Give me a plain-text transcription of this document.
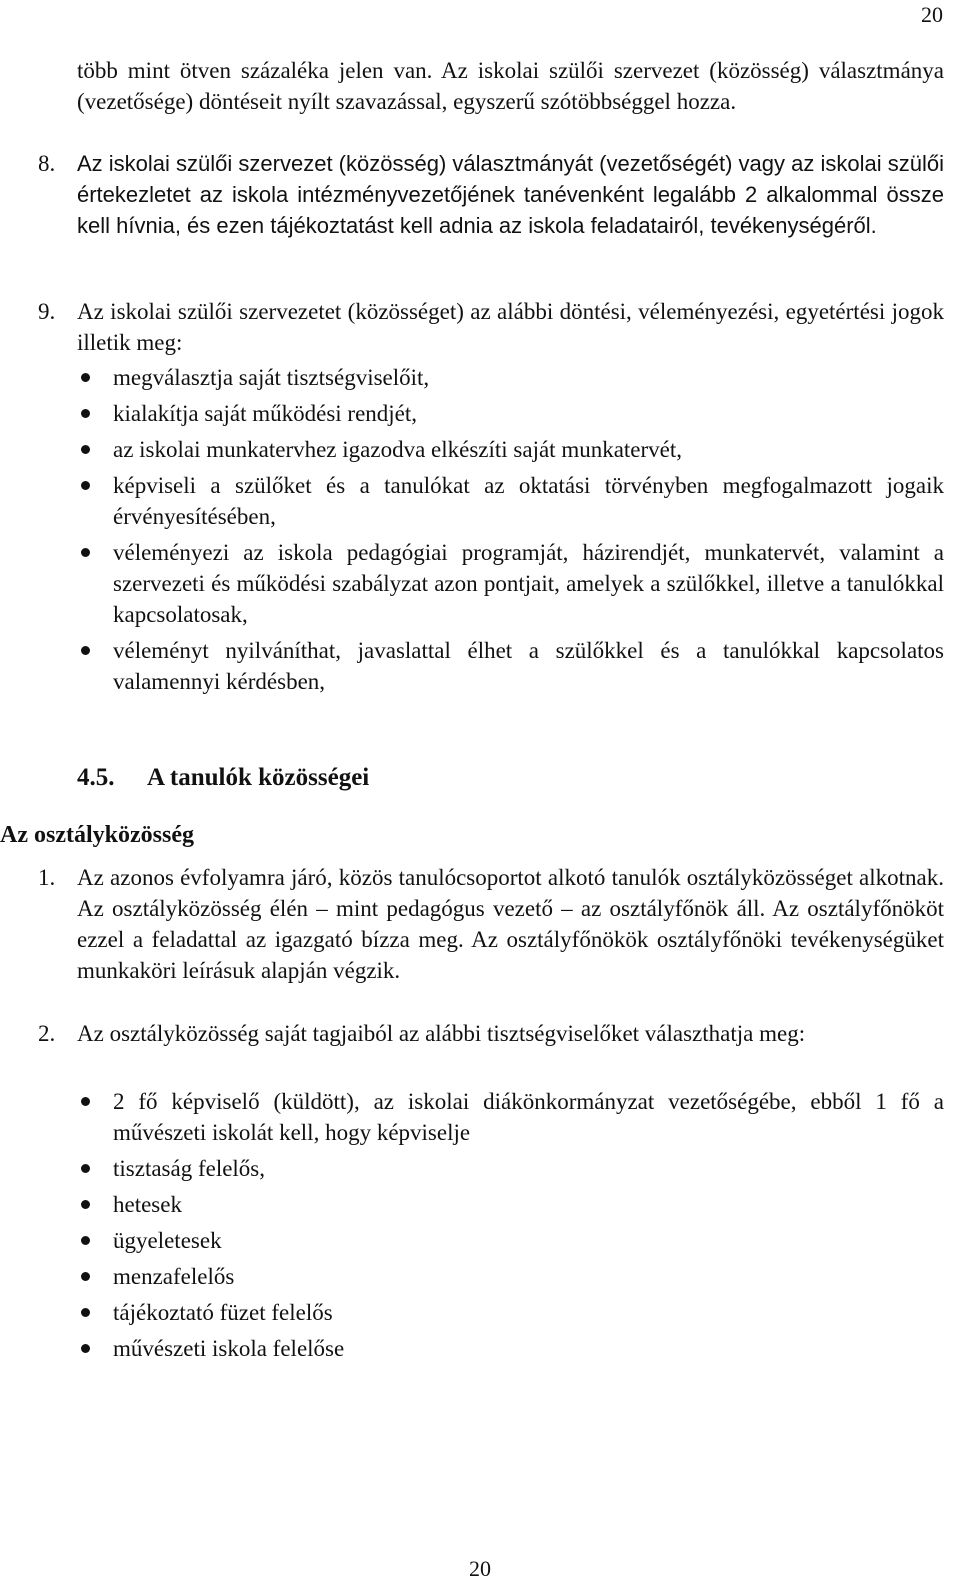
20

több mint ötven százaléka jelen van. Az iskolai szülői szervezet (közösség) választmánya (vezetősége) döntéseit nyílt szavazással, egyszerű szótöbbséggel hozza.

8. Az iskolai szülői szervezet (közösség) választmányát (vezetőségét) vagy az iskolai szülői értekezletet az iskola intézményvezetőjének tanévenként legalább 2 alkalommal össze kell hívnia, és ezen tájékoztatást kell adnia az iskola feladatairól, tevékenységéről.
9. Az iskolai szülői szervezetet (közösséget) az alábbi döntési, véleményezési, egyetértési jogok illetik meg:
megválasztja saját tisztségviselőit,
kialakítja saját működési rendjét,
az iskolai munkatervhez igazodva elkészíti saját munkatervét,
képviseli a szülőket és a tanulókat az oktatási törvényben megfogalmazott jogaik érvényesítésében,
véleményezi az iskola pedagógiai programját, házirendjét, munkatervét, valamint a szervezeti és működési szabályzat azon pontjait, amelyek a szülőkkel, illetve a tanulókkal kapcsolatosak,
véleményt nyilváníthat, javaslattal élhet a szülőkkel és a tanulókkal kapcsolatos valamennyi kérdésben,
4.5. A tanulók közösségei
Az osztályközösség
1. Az azonos évfolyamra járó, közös tanulócsoportot alkotó tanulók osztályközösséget alkotnak. Az osztályközösség élén – mint pedagógus vezető – az osztályfőnök áll. Az osztályfőnököt ezzel a feladattal az igazgató bízza meg. Az osztályfőnökök osztályfőnöki tevékenységüket munkaköri leírásuk alapján végzik.
2. Az osztályközösség saját tagjaiból az alábbi tisztségviselőket választhatja meg:
2 fő képviselő (küldött), az iskolai diákönkormányzat vezetőségébe, ebből 1 fő a művészeti iskolát kell, hogy képviselje
tisztaság felelős,
hetesek
ügyeletesek
menzafelelős
tájékoztató füzet felelős
művészeti iskola felelőse
20
